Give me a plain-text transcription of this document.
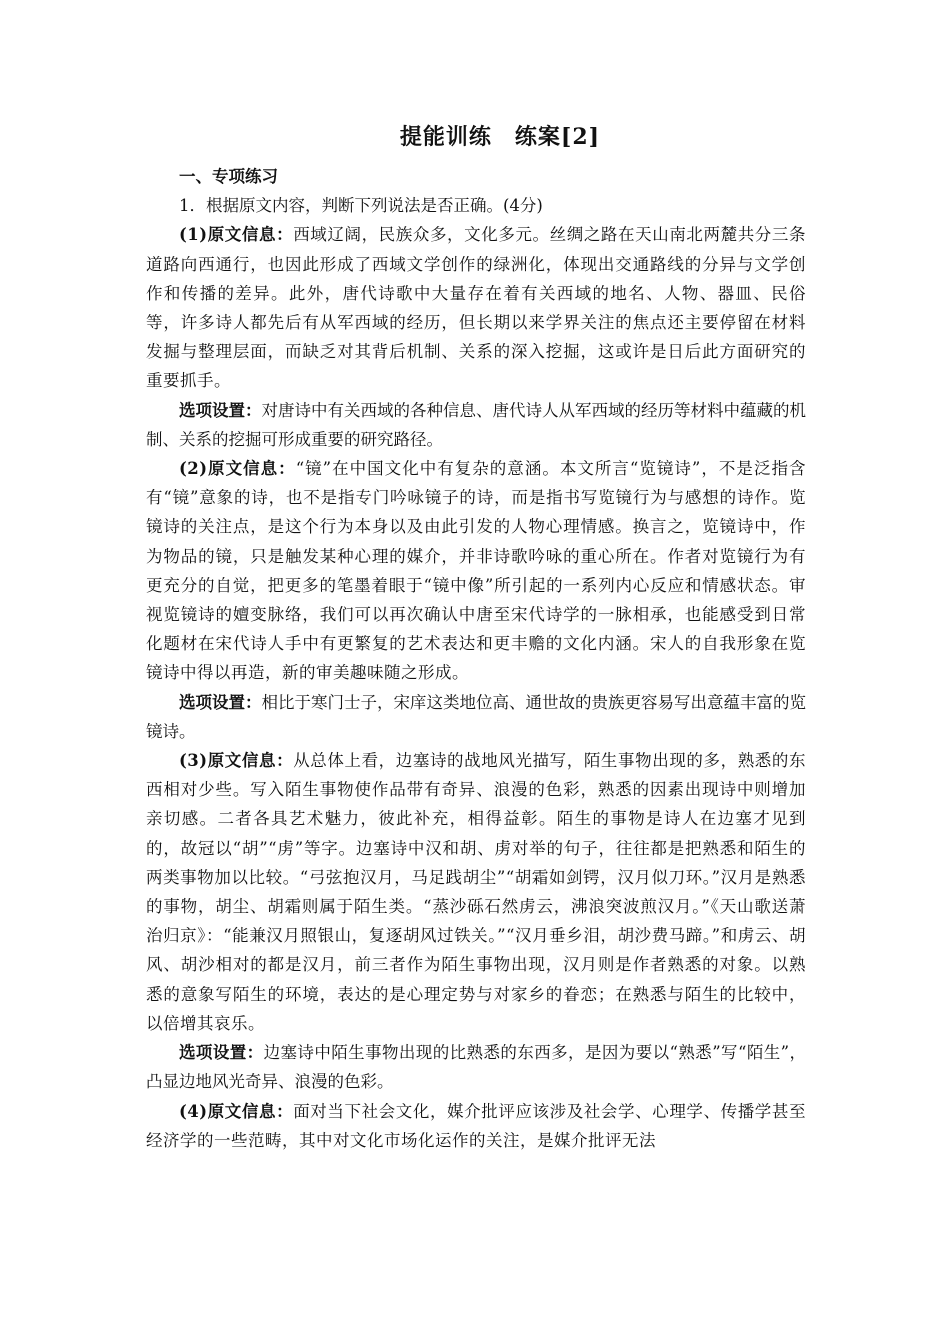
提能训练　练案[2]

一、专项练习

1．根据原文内容，判断下列说法是否正确。(4分)

(1)原文信息：西域辽阔，民族众多，文化多元。丝绸之路在天山南北两麓共分三条道路向西通行，也因此形成了西域文学创作的绿洲化，体现出交通路线的分异与文学创作和传播的差异。此外，唐代诗歌中大量存在着有关西域的地名、人物、器皿、民俗等，许多诗人都先后有从军西域的经历，但长期以来学界关注的焦点还主要停留在材料发掘与整理层面，而缺乏对其背后机制、关系的深入挖掘，这或许是日后此方面研究的重要抓手。

选项设置：对唐诗中有关西域的各种信息、唐代诗人从军西域的经历等材料中蕴藏的机制、关系的挖掘可形成重要的研究路径。

(2)原文信息：“镜”在中国文化中有复杂的意涵。本文所言“览镜诗”，不是泛指含有“镜”意象的诗，也不是指专门吟咏镜子的诗，而是指书写览镜行为与感想的诗作。览镜诗的关注点，是这个行为本身以及由此引发的人物心理情感。换言之，览镜诗中，作为物品的镜，只是触发某种心理的媒介，并非诗歌吟咏的重心所在。作者对览镜行为有更充分的自觉，把更多的笔墨着眼于“镜中像”所引起的一系列内心反应和情感状态。审视览镜诗的嬗变脉络，我们可以再次确认中唐至宋代诗学的一脉相承，也能感受到日常化题材在宋代诗人手中有更繁复的艺术表达和更丰赡的文化内涵。宋人的自我形象在览镜诗中得以再造，新的审美趣味随之形成。

选项设置：相比于寒门士子，宋庠这类地位高、通世故的贵族更容易写出意蕴丰富的览镜诗。

(3)原文信息：从总体上看，边塞诗的战地风光描写，陌生事物出现的多，熟悉的东西相对少些。写入陌生事物使作品带有奇异、浪漫的色彩，熟悉的因素出现诗中则增加亲切感。二者各具艺术魅力，彼此补充，相得益彰。陌生的事物是诗人在边塞才见到的，故冠以“胡”“虏”等字。边塞诗中汉和胡、虏对举的句子，往往都是把熟悉和陌生的两类事物加以比较。“弓弦抱汉月，马足践胡尘”“胡霜如剑锷，汉月似刀环。”汉月是熟悉的事物，胡尘、胡霜则属于陌生类。“蒸沙砾石然虏云，沸浪突波煎汉月。”《天山歌送萧治归京》：“能兼汉月照银山，复逐胡风过铁关。”“汉月垂乡泪，胡沙费马蹄。”和虏云、胡风、胡沙相对的都是汉月，前三者作为陌生事物出现，汉月则是作者熟悉的对象。以熟悉的意象写陌生的环境，表达的是心理定势与对家乡的眷恋；在熟悉与陌生的比较中，以倍增其哀乐。

选项设置：边塞诗中陌生事物出现的比熟悉的东西多，是因为要以“熟悉”写“陌生”，凸显边地风光奇异、浪漫的色彩。

(4)原文信息：面对当下社会文化，媒介批评应该涉及社会学、心理学、传播学甚至经济学的一些范畴，其中对文化市场化运作的关注，是媒介批评无法
